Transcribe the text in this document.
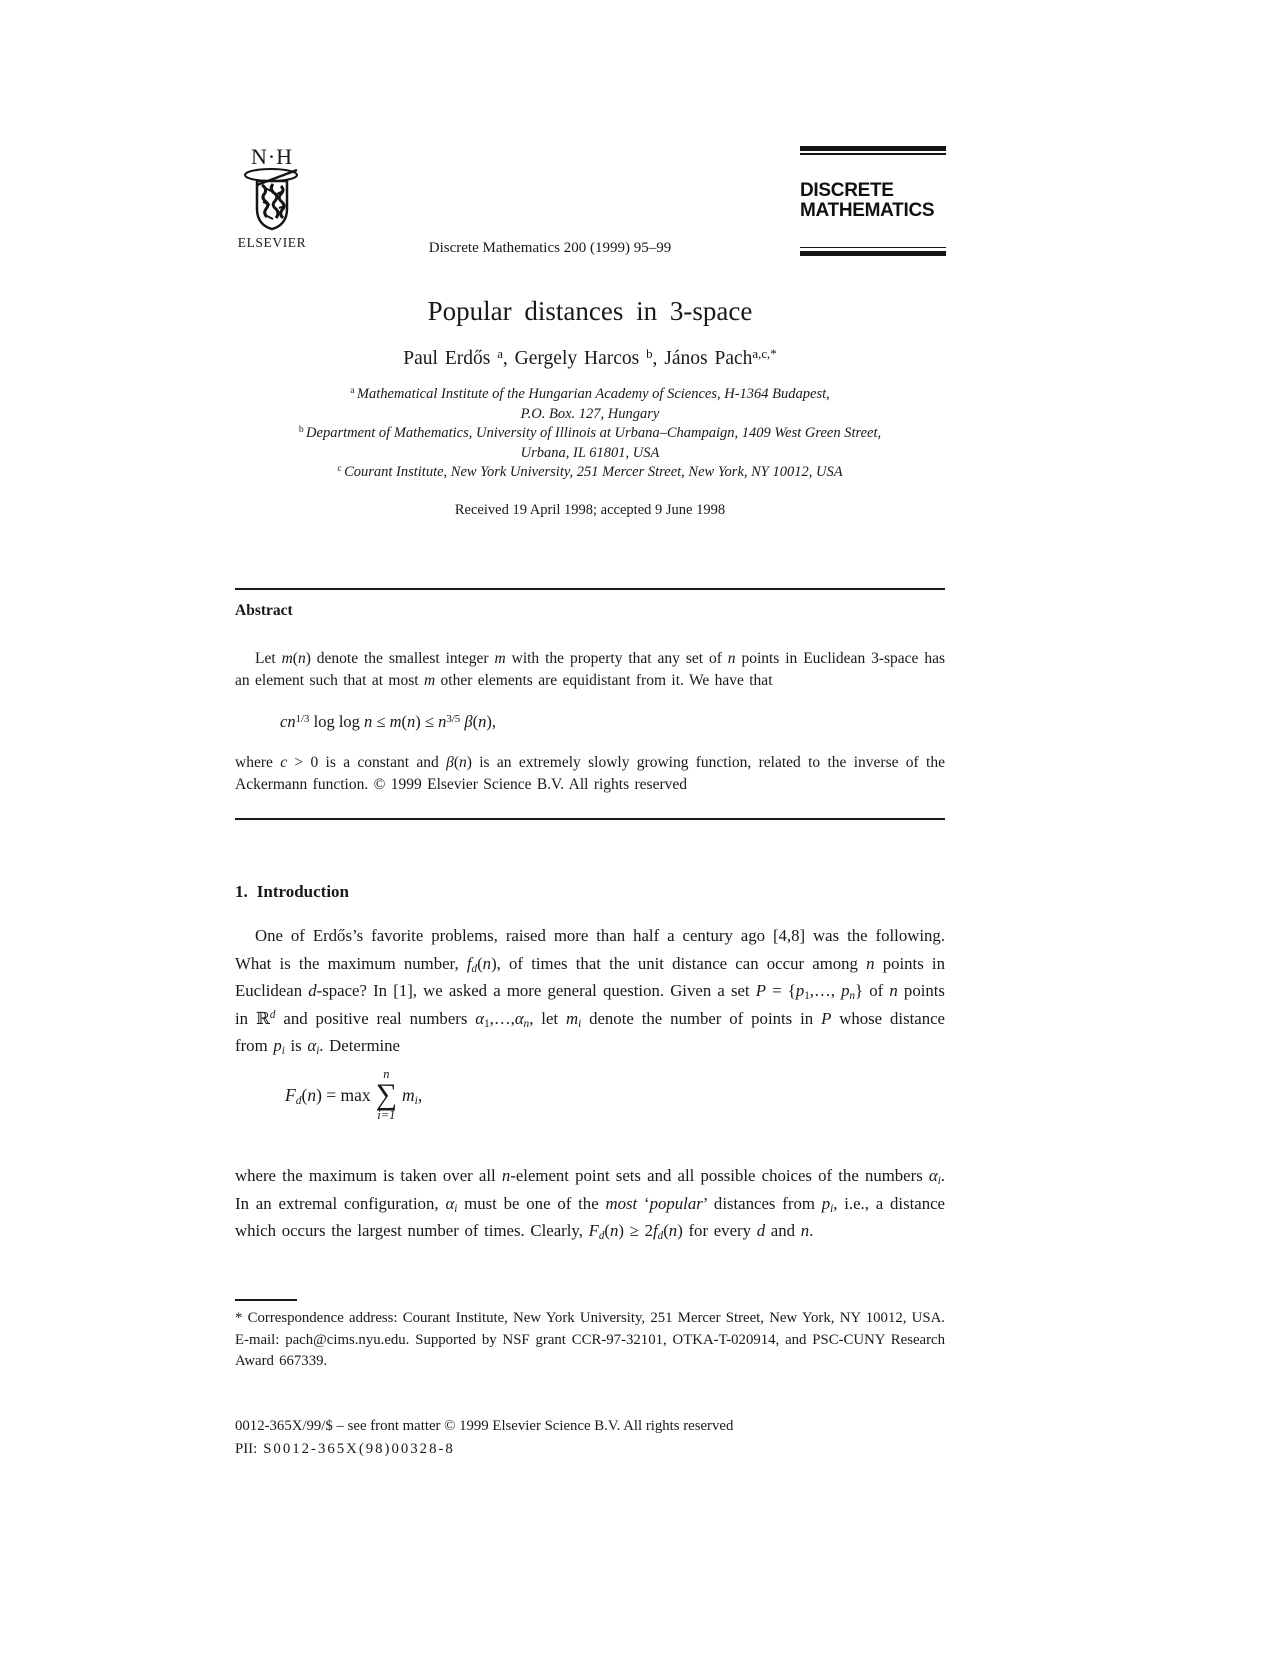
N·H
ELSEVIER	Discrete Mathematics 200 (1999) 95–99
DISCRETE
MATHEMATICS
Popular distances in 3-space
Paul Erdős $^a$, Gergely Harcos $^b$, János Pach$^{a,c,*}$
$^a$ Mathematical Institute of the Hungarian Academy of Sciences, H-1364 Budapest,
P.O. Box. 127, Hungary
$^b$ Department of Mathematics, University of Illinois at Urbana–Champaign, 1409 West Green Street,
Urbana, IL 61801, USA
$^c$ Courant Institute, New York University, 251 Mercer Street, New York, NY 10012, USA
Received 19 April 1998; accepted 9 June 1998
Abstract
Let m(n) denote the smallest integer m with the property that any set of n points in Euclidean 3-space has an element such that at most m other elements are equidistant from it. We have that
$cn^{1/3}$ $\log \log n \le m(n) \le n^{3/5}$ β(n),
where c > 0 is a constant and β(n) is an extremely slowly growing function, related to the inverse of the Ackermann function. © 1999 Elsevier Science B.V. All rights reserved
1. Introduction
One of Erdős’s favorite problems, raised more than half a century ago [4,8] was the following. What is the maximum number, $f_d(n)$, of times that the unit distance can occur among n points in Euclidean d-space? In [1], we asked a more general question. Given a set $P = \{p_1,\dots$, $p_n$} of n points in ℝ$^d$ and positive real numbers $\alpha_1,\dots,\alpha_n$, let $m_i$ denote the number of points in P whose distance from $p_i$ is $\alpha_i$. Determine
$F_d(n) = \max$
n
∑
i=1
$m_i$,
where the maximum is taken over all n-element point sets and all possible choices of the numbers $\alpha_i$. In an extremal configuration, $\alpha_i$ must be one of the most ‘popular’ distances from $p_i$, i.e., a distance which occurs the largest number of times. Clearly, $F_d(n) \ge 2f_d(n)$ for every d and n.
* Correspondence address: Courant Institute, New York University, 251 Mercer Street, New York, NY 10012, USA. E-mail: pach@cims.nyu.edu. Supported by NSF grant CCR-97-32101, OTKA-T-020914, and PSC-CUNY Research Award 667339.
0012-365X/99/$ – see front matter © 1999 Elsevier Science B.V. All rights reserved
PII: S0012-365X(98)00328-8
